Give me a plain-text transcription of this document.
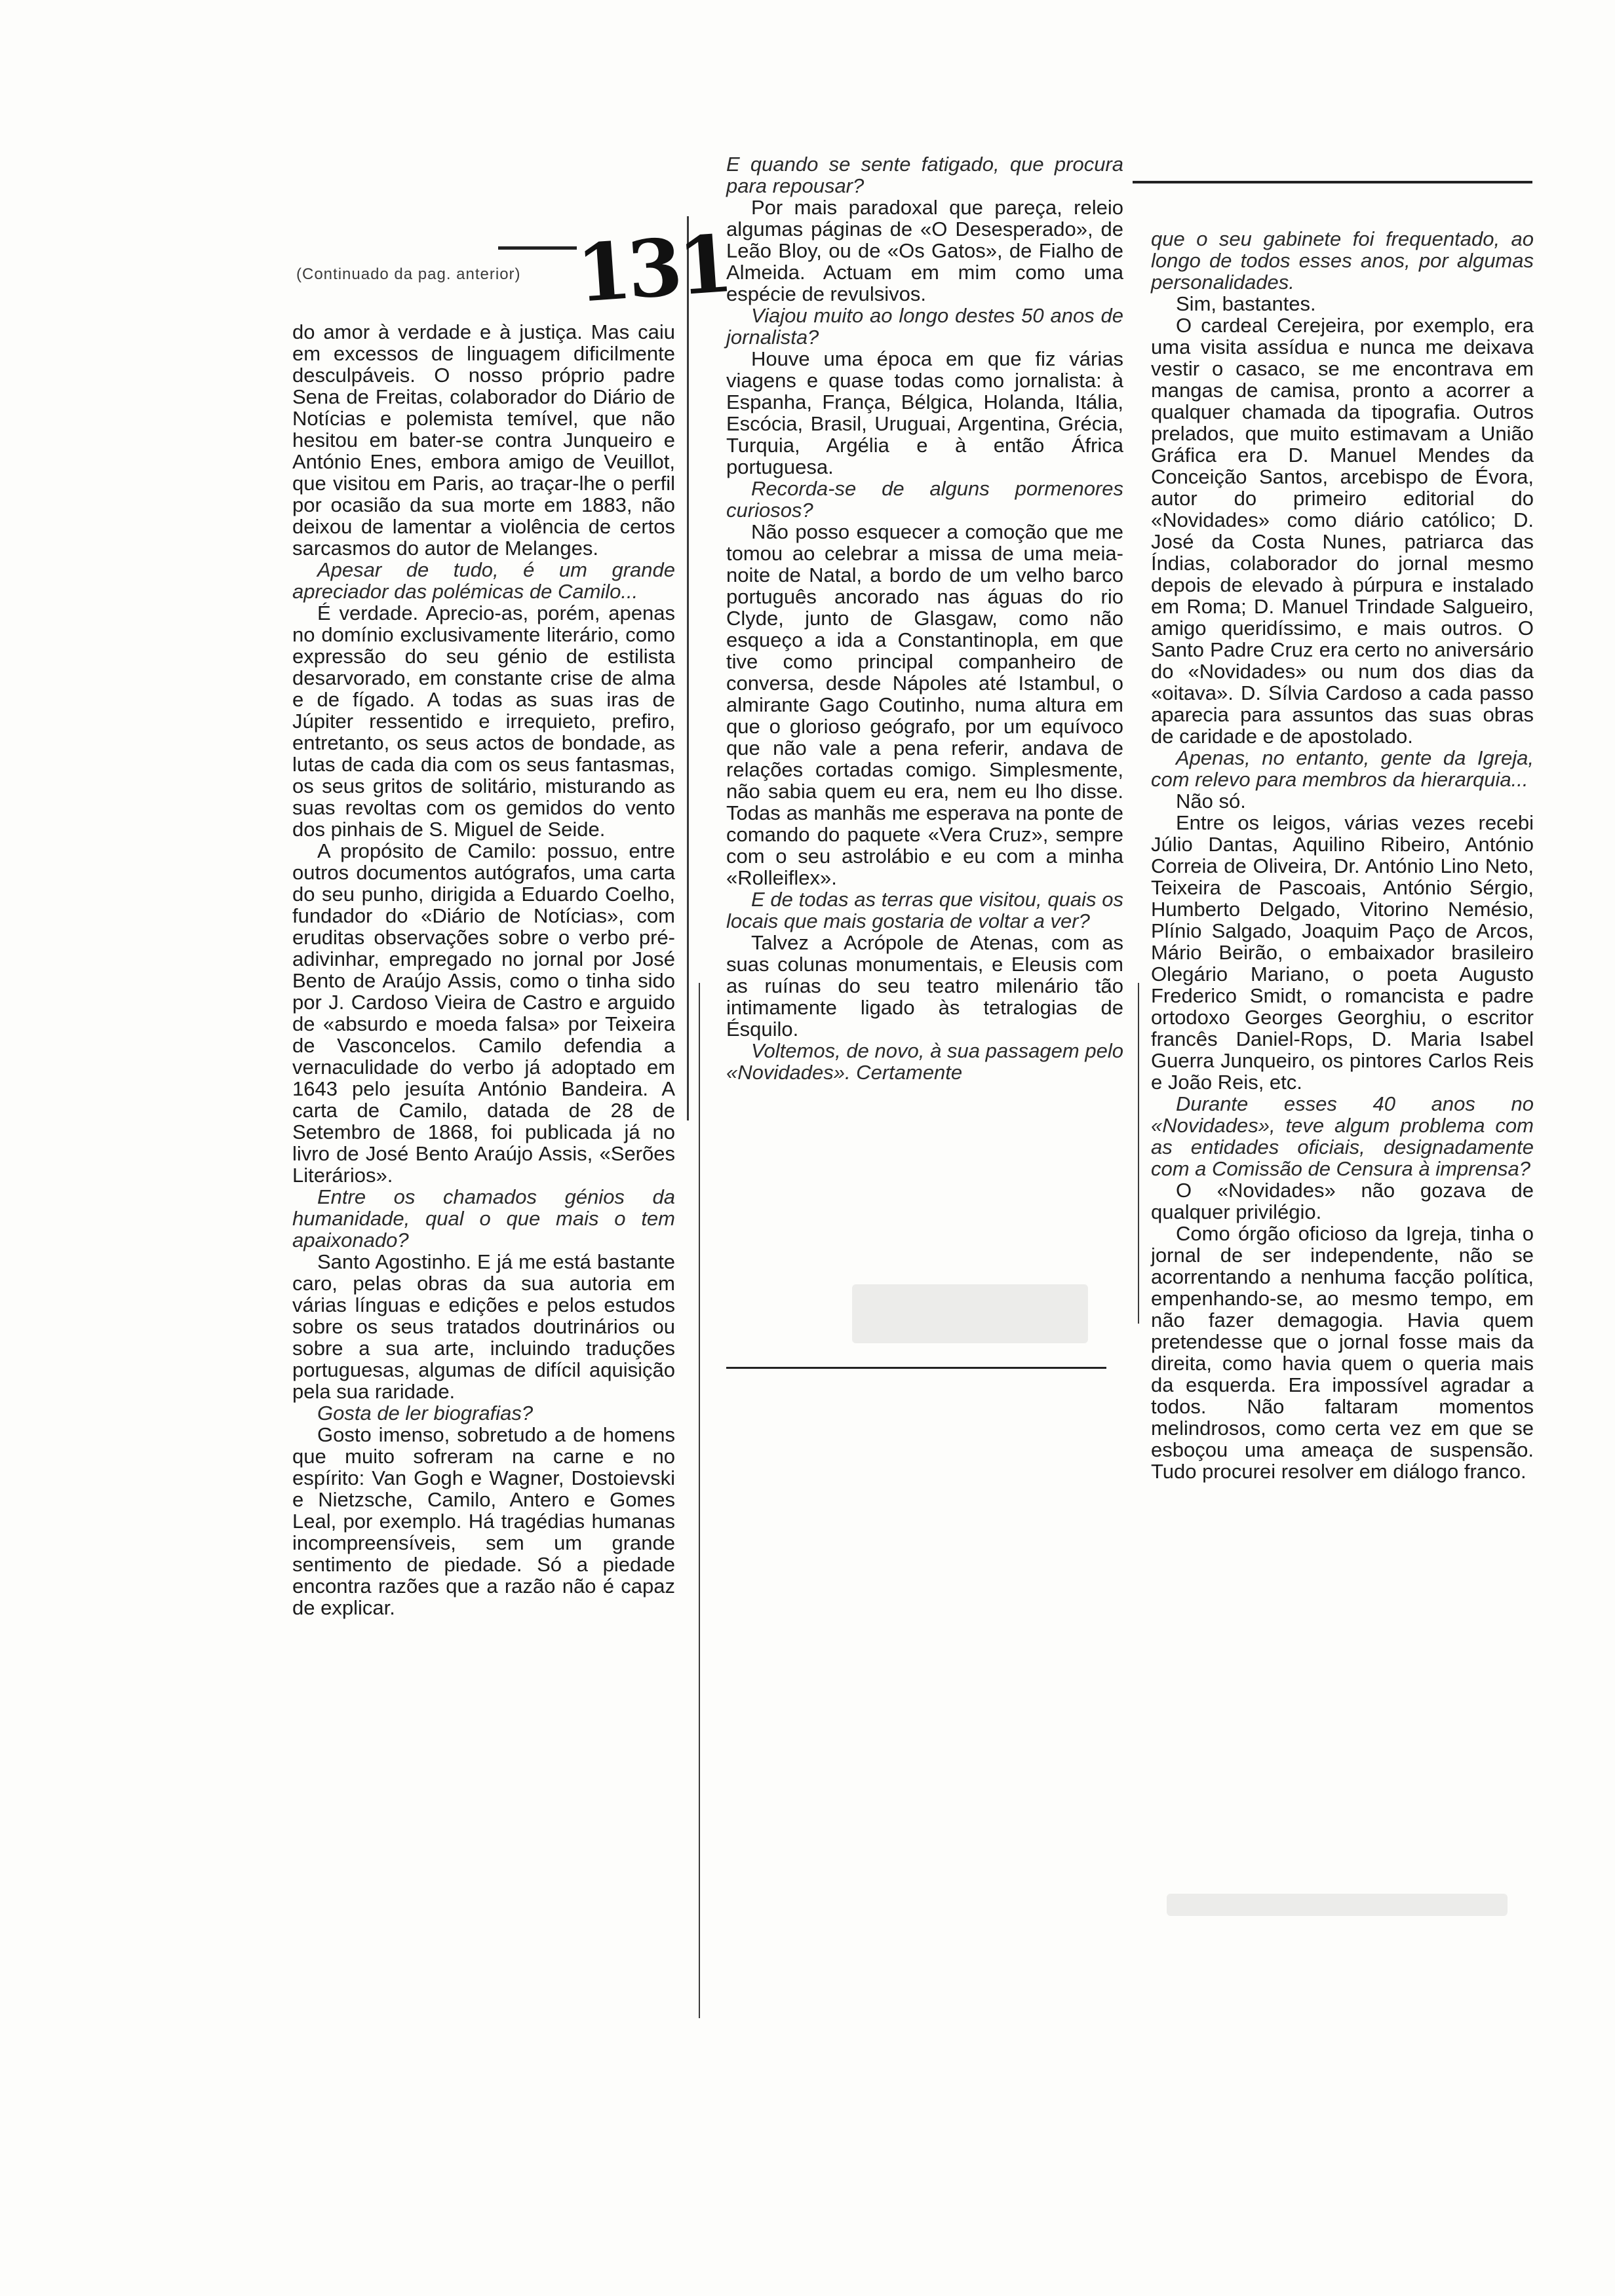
(Continuado da pag. anterior) 131

do amor à verdade e à justiça. Mas caiu em excessos de linguagem dificilmente desculpáveis. O nosso próprio padre Sena de Freitas, colaborador do Diário de Notícias e polemista temível, que não hesitou em bater-se contra Junqueiro e António Enes, embora amigo de Veuillot, que visitou em Paris, ao traçar-lhe o perfil por ocasião da sua morte em 1883, não deixou de lamentar a violência de certos sarcasmos do autor de Melanges.

Apesar de tudo, é um grande apreciador das polémicas de Camilo...

É verdade. Aprecio-as, porém, apenas no domínio exclusivamente literário, como expressão do seu génio de estilista desarvorado, em constante crise de alma e de fígado. A todas as suas iras de Júpiter ressentido e irrequieto, prefiro, entretanto, os seus actos de bondade, as lutas de cada dia com os seus fantasmas, os seus gritos de solitário, misturando as suas revoltas com os gemidos do vento dos pinhais de S. Miguel de Seide.

A propósito de Camilo: possuo, entre outros documentos autógrafos, uma carta do seu punho, dirigida a Eduardo Coelho, fundador do «Diário de Notícias», com eruditas observações sobre o verbo pré-adivinhar, empregado no jornal por José Bento de Araújo Assis, como o tinha sido por J. Cardoso Vieira de Castro e arguido de «absurdo e moeda falsa» por Teixeira de Vasconcelos. Camilo defendia a vernaculidade do verbo já adoptado em 1643 pelo jesuíta António Bandeira. A carta de Camilo, datada de 28 de Setembro de 1868, foi publicada já no livro de José Bento Araújo Assis, «Serões Literários».

Entre os chamados génios da humanidade, qual o que mais o tem apaixonado?

Santo Agostinho. E já me está bastante caro, pelas obras da sua autoria em várias línguas e edições e pelos estudos sobre os seus tratados doutrinários ou sobre a sua arte, incluindo traduções portuguesas, algumas de difícil aquisição pela sua raridade.

Gosta de ler biografias?

Gosto imenso, sobretudo a de homens que muito sofreram na carne e no espírito: Van Gogh e Wagner, Dostoievski e Nietzsche, Camilo, Antero e Gomes Leal, por exemplo. Há tragédias humanas incompreensíveis, sem um grande sentimento de piedade. Só a piedade encontra razões que a razão não é capaz de explicar.

E quando se sente fatigado, que procura para repousar?

Por mais paradoxal que pareça, releio algumas páginas de «O Desesperado», de Leão Bloy, ou de «Os Gatos», de Fialho de Almeida. Actuam em mim como uma espécie de revulsivos.

Viajou muito ao longo destes 50 anos de jornalista?

Houve uma época em que fiz várias viagens e quase todas como jornalista: à Espanha, França, Bélgica, Holanda, Itália, Escócia, Brasil, Uruguai, Argentina, Grécia, Turquia, Argélia e à então África portuguesa.

Recorda-se de alguns pormenores curiosos?

Não posso esquecer a comoção que me tomou ao celebrar a missa de uma meia-noite de Natal, a bordo de um velho barco português ancorado nas águas do rio Clyde, junto de Glasgaw, como não esqueço a ida a Constantinopla, em que tive como principal companheiro de conversa, desde Nápoles até Istambul, o almirante Gago Coutinho, numa altura em que o glorioso geógrafo, por um equívoco que não vale a pena referir, andava de relações cortadas comigo. Simplesmente, não sabia quem eu era, nem eu lho disse. Todas as manhãs me esperava na ponte de comando do paquete «Vera Cruz», sempre com o seu astrolábio e eu com a minha «Rolleiflex».

E de todas as terras que visitou, quais os locais que mais gostaria de voltar a ver?

Talvez a Acrópole de Atenas, com as suas colunas monumentais, e Eleusis com as ruínas do seu teatro milenário tão intimamente ligado às tetralogias de Ésquilo.

Voltemos, de novo, à sua passagem pelo «Novidades». Certamente

que o seu gabinete foi frequentado, ao longo de todos esses anos, por algumas personalidades.

Sim, bastantes.

O cardeal Cerejeira, por exemplo, era uma visita assídua e nunca me deixava vestir o casaco, se me encontrava em mangas de camisa, pronto a acorrer a qualquer chamada da tipografia. Outros prelados, que muito estimavam a União Gráfica era D. Manuel Mendes da Conceição Santos, arcebispo de Évora, autor do primeiro editorial do «Novidades» como diário católico; D. José da Costa Nunes, patriarca das Índias, colaborador do jornal mesmo depois de elevado à púrpura e instalado em Roma; D. Manuel Trindade Salgueiro, amigo queridíssimo, e mais outros. O Santo Padre Cruz era certo no aniversário do «Novidades» ou num dos dias da «oitava». D. Sílvia Cardoso a cada passo aparecia para assuntos das suas obras de caridade e de apostolado.

Apenas, no entanto, gente da Igreja, com relevo para membros da hierarquia...

Não só.

Entre os leigos, várias vezes recebi Júlio Dantas, Aquilino Ribeiro, António Correia de Oliveira, Dr. António Lino Neto, Teixeira de Pascoais, António Sérgio, Humberto Delgado, Vitorino Nemésio, Plínio Salgado, Joaquim Paço de Arcos, Mário Beirão, o embaixador brasileiro Olegário Mariano, o poeta Augusto Frederico Smidt, o romancista e padre ortodoxo Georges Georghiu, o escritor francês Daniel-Rops, D. Maria Isabel Guerra Junqueiro, os pintores Carlos Reis e João Reis, etc.

Durante esses 40 anos no «Novidades», teve algum problema com as entidades oficiais, designadamente com a Comissão de Censura à imprensa?

O «Novidades» não gozava de qualquer privilégio.

Como órgão oficioso da Igreja, tinha o jornal de ser independente, não se acorrentando a nenhuma facção política, empenhando-se, ao mesmo tempo, em não fazer demagogia. Havia quem pretendesse que o jornal fosse mais da direita, como havia quem o queria mais da esquerda. Era impossível agradar a todos. Não faltaram momentos melindrosos, como certa vez em que se esboçou uma ameaça de suspensão. Tudo procurei resolver em diálogo franco.
